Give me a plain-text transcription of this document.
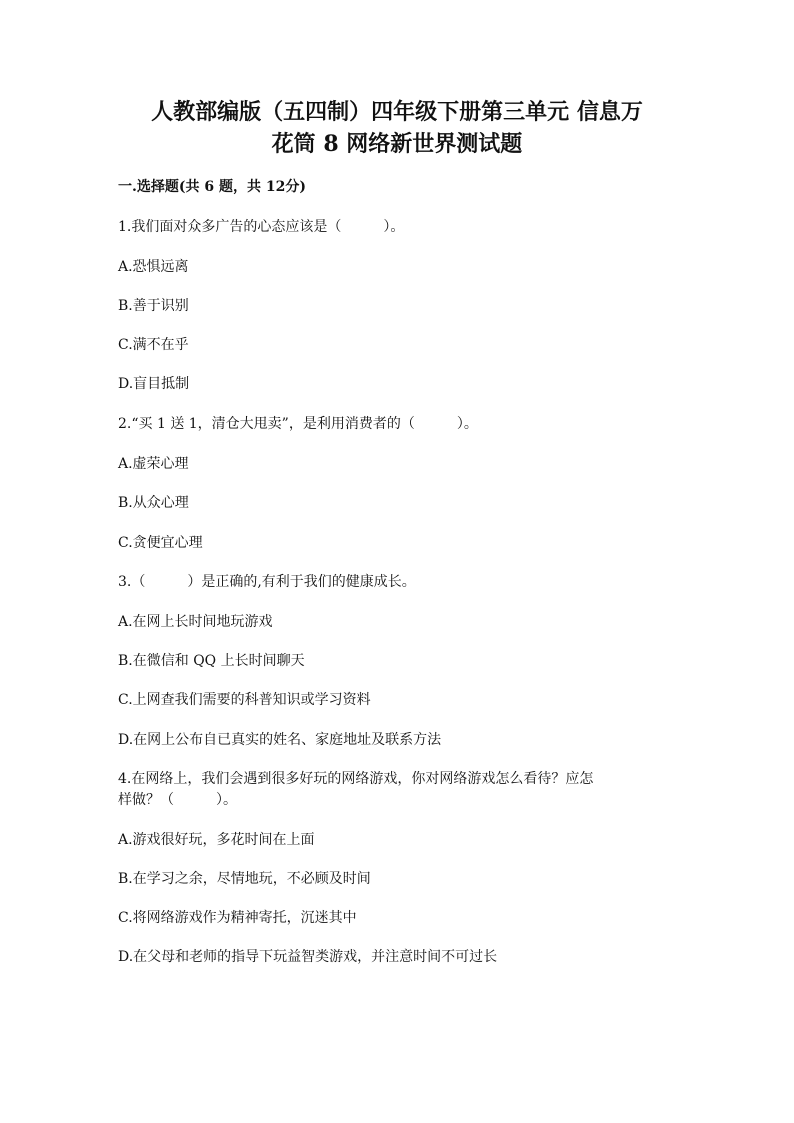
人教部编版（五四制）四年级下册第三单元 信息万
花筒 8 网络新世界测试题

一.选择题(共 6 题，共 12分)

1.我们面对众多广告的心态应该是（　　　）。

A.恐惧远离

B.善于识别

C.满不在乎

D.盲目抵制

2.“买 1 送 1，清仓大甩卖”，是利用消费者的（　　　）。

A.虚荣心理

B.从众心理

C.贪便宜心理

3.（　　　）是正确的,有利于我们的健康成长。

A.在网上长时间地玩游戏

B.在微信和 QQ 上长时间聊天

C.上网查我们需要的科普知识或学习资料

D.在网上公布自已真实的姓名、家庭地址及联系方法

4.在网络上，我们会遇到很多好玩的网络游戏，你对网络游戏怎么看待？应怎

样做？（　　　）。

A.游戏很好玩，多花时间在上面

B.在学习之余，尽情地玩，不必顾及时间

C.将网络游戏作为精神寄托，沉迷其中

D.在父母和老师的指导下玩益智类游戏，并注意时间不可过长
